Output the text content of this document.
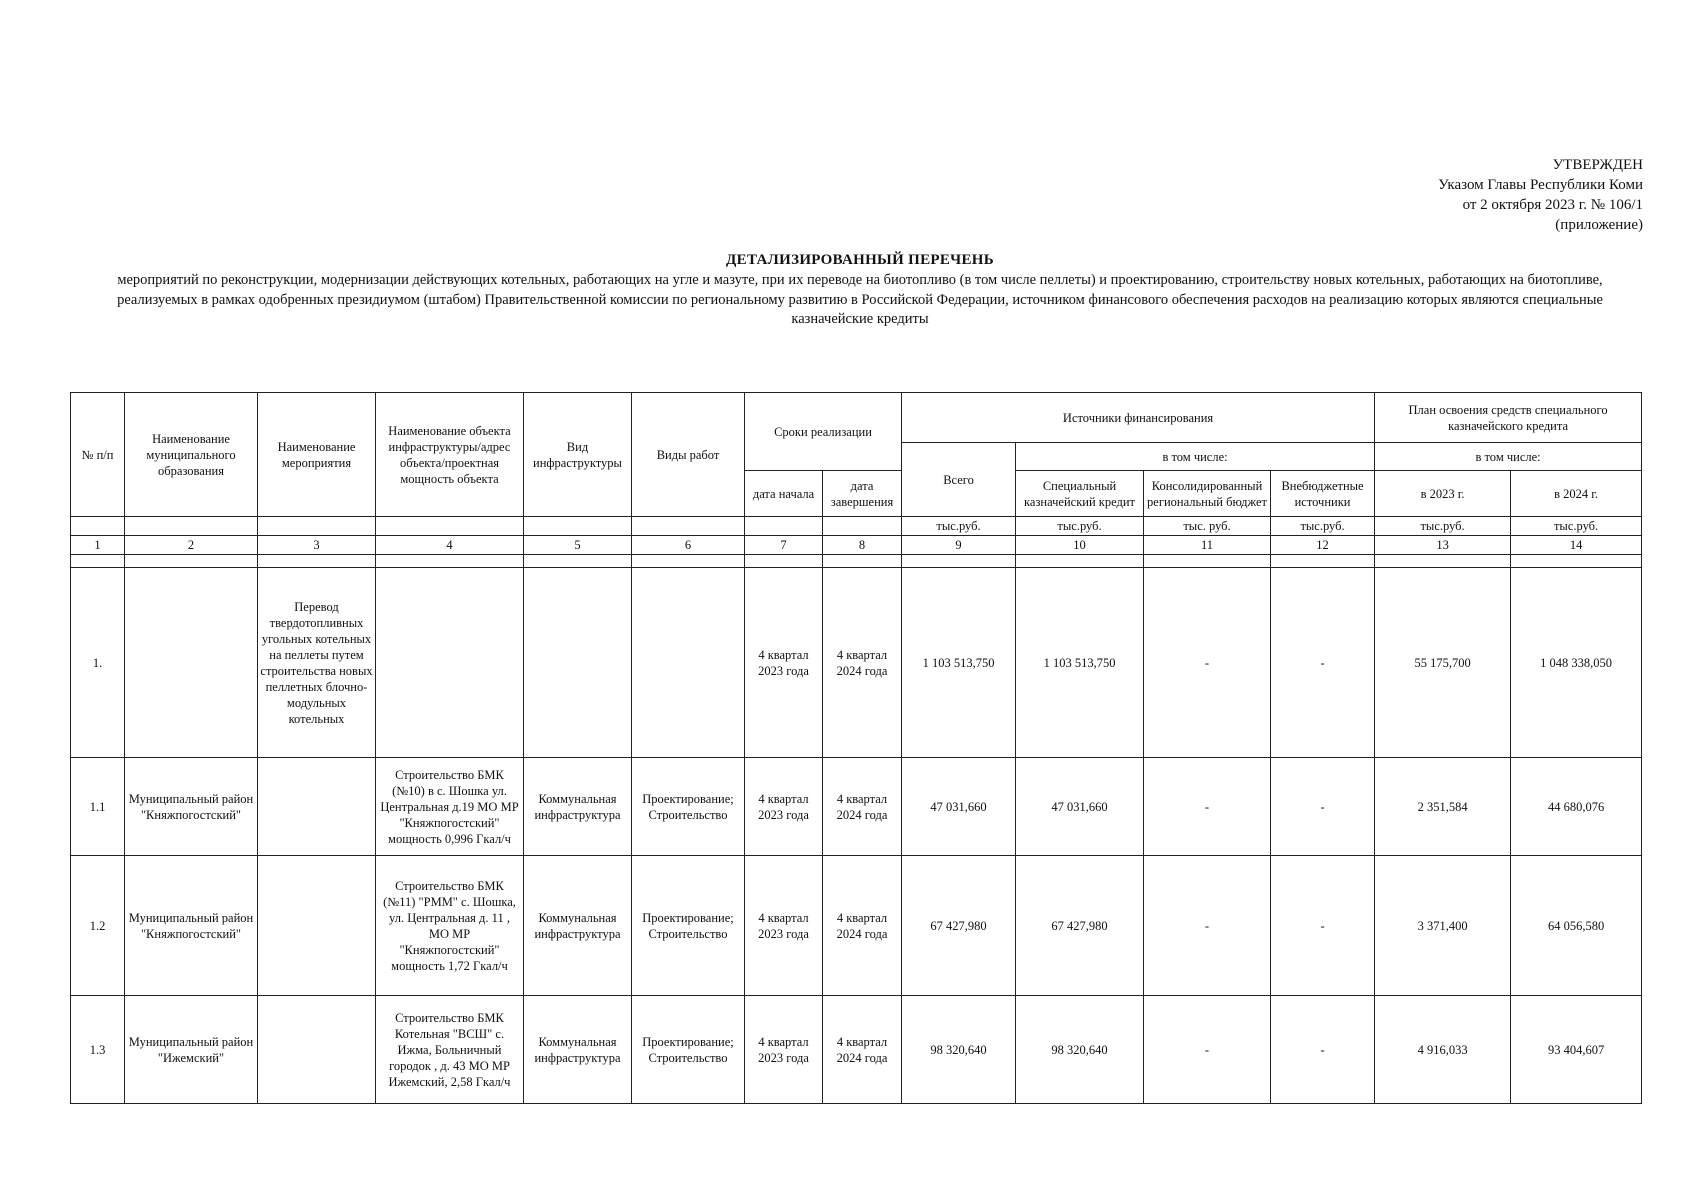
УТВЕРЖДЕН
Указом Главы Республики Коми
от 2 октября 2023 г. № 106/1
(приложение)
ДЕТАЛИЗИРОВАННЫЙ ПЕРЕЧЕНЬ
мероприятий по реконструкции, модернизации действующих котельных, работающих на угле и мазуте, при их переводе на биотопливо (в том числе пеллеты) и проектированию, строительству новых котельных, работающих на биотопливе, реализуемых в рамках одобренных президиумом (штабом) Правительственной комиссии по региональному развитию в Российской Федерации, источником финансового обеспечения расходов на реализацию которых являются специальные казначейские кредиты
№ п/п	Наименование муниципального образования	Наименование мероприятия	Наименование объекта инфраструктуры/адрес объекта/проектная мощность объекта	Вид инфраструктуры	Виды работ	Сроки реализации		Источники финансирования				План освоения средств специального казначейского кредита	
								Всего	в том числе:			в том числе:	
						дата начала	дата завершения		Специальный казначейский кредит	Консолидированный региональный бюджет	Внебюджетные источники	в 2023 г.	в 2024 г.
								тыс.руб.	тыс.руб.	тыс. руб.	тыс.руб.	тыс.руб.	тыс.руб.
1	2	3	4	5	6	7	8	9	10	11	12	13	14

1.		Перевод твердотопливных угольных котельных на пеллеты путем строительства новых пеллетных блочно-модульных котельных				4 квартал 2023 года	4 квартал 2024 года	1 103 513,750	1 103 513,750	-	-	55 175,700	1 048 338,050
1.1	Муниципальный район "Княжпогостский"		Строительство БМК (№10) в с. Шошка ул. Центральная д.19 МО МР "Княжпогостский" мощность 0,996 Гкал/ч	Коммунальная инфраструктура	Проектирование; Строительство	4 квартал 2023 года	4 квартал 2024 года	47 031,660	47 031,660	-	-	2 351,584	44 680,076
1.2	Муниципальный район "Княжпогостский"		Строительство БМК (№11) "РММ" с. Шошка, ул. Центральная д. 11 , МО МР "Княжпогостский" мощность 1,72 Гкал/ч	Коммунальная инфраструктура	Проектирование; Строительство	4 квартал 2023 года	4 квартал 2024 года	67 427,980	67 427,980	-	-	3 371,400	64 056,580
1.3	Муниципальный район "Ижемский"		Строительство БМК Котельная "ВСШ" с. Ижма, Больничный городок , д. 43 МО МР Ижемский, 2,58 Гкал/ч	Коммунальная инфраструктура	Проектирование; Строительство	4 квартал 2023 года	4 квартал 2024 года	98 320,640	98 320,640	-	-	4 916,033	93 404,607
